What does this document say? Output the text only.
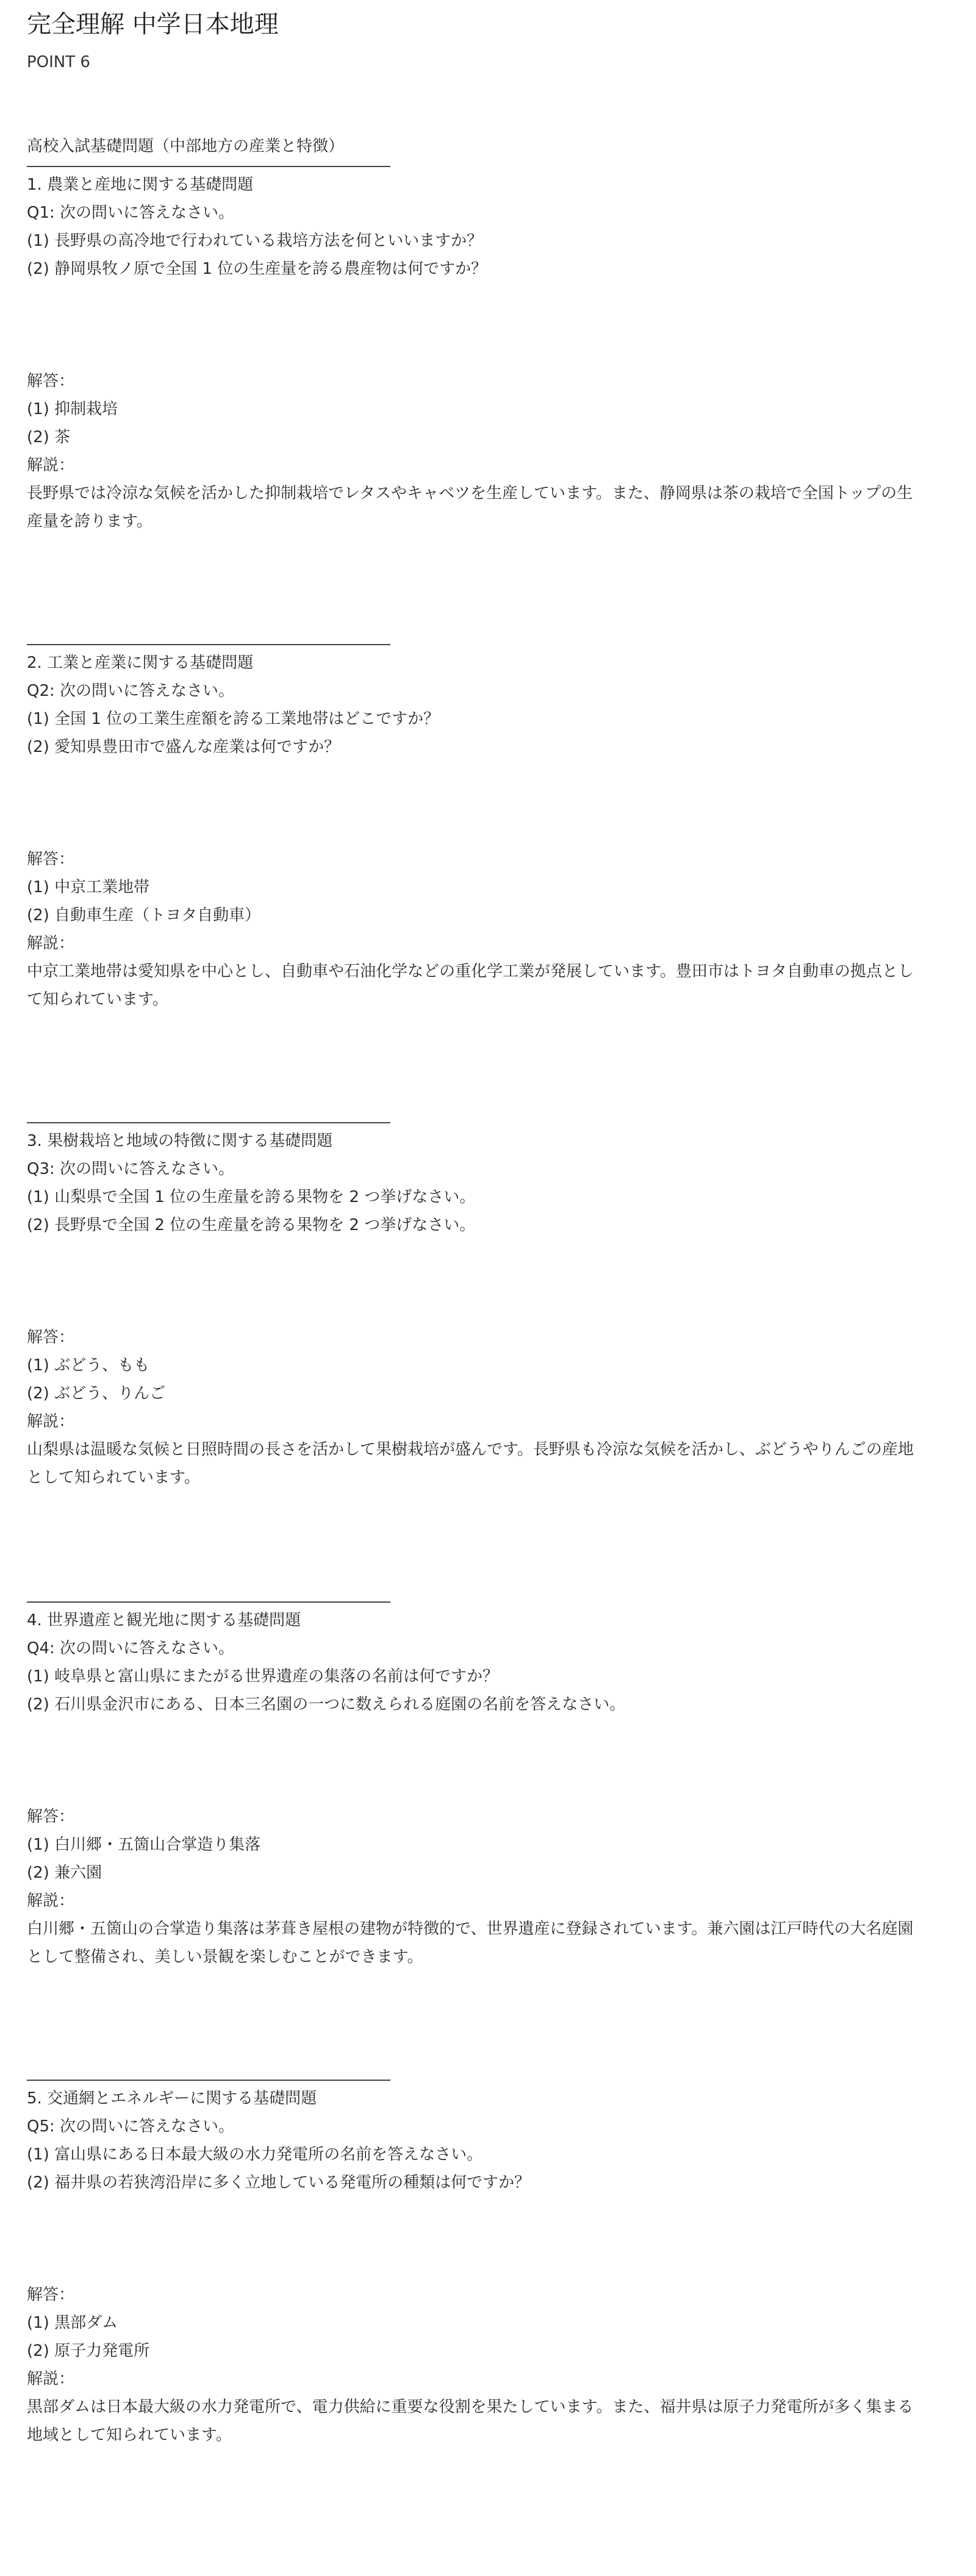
完全理解 中学日本地理
POINT 6
高校入試基礎問題（中部地方の産業と特徴）
1. 農業と産地に関する基礎問題
Q1: 次の問いに答えなさい。
(1) 長野県の高冷地で行われている栽培方法を何といいますか？
(2) 静岡県牧ノ原で全国 1 位の生産量を誇る農産物は何ですか？
解答：
(1) 抑制栽培
(2) 茶
解説：
長野県では冷涼な気候を活かした抑制栽培でレタスやキャベツを生産しています。また、静岡県は茶の栽培で全国トップの生産量を誇ります。
2. 工業と産業に関する基礎問題
Q2: 次の問いに答えなさい。
(1) 全国 1 位の工業生産額を誇る工業地帯はどこですか？
(2) 愛知県豊田市で盛んな産業は何ですか？
解答：
(1) 中京工業地帯
(2) 自動車生産（トヨタ自動車）
解説：
中京工業地帯は愛知県を中心とし、自動車や石油化学などの重化学工業が発展しています。豊田市はトヨタ自動車の拠点として知られています。
3. 果樹栽培と地域の特徴に関する基礎問題
Q3: 次の問いに答えなさい。
(1) 山梨県で全国 1 位の生産量を誇る果物を 2 つ挙げなさい。
(2) 長野県で全国 2 位の生産量を誇る果物を 2 つ挙げなさい。
解答：
(1) ぶどう、もも
(2) ぶどう、りんご
解説：
山梨県は温暖な気候と日照時間の長さを活かして果樹栽培が盛んです。長野県も冷涼な気候を活かし、ぶどうやりんごの産地として知られています。
4. 世界遺産と観光地に関する基礎問題
Q4: 次の問いに答えなさい。
(1) 岐阜県と富山県にまたがる世界遺産の集落の名前は何ですか？
(2) 石川県金沢市にある、日本三名園の一つに数えられる庭園の名前を答えなさい。
解答：
(1) 白川郷・五箇山合掌造り集落
(2) 兼六園
解説：
白川郷・五箇山の合掌造り集落は茅葺き屋根の建物が特徴的で、世界遺産に登録されています。兼六園は江戸時代の大名庭園として整備され、美しい景観を楽しむことができます。
5. 交通網とエネルギーに関する基礎問題
Q5: 次の問いに答えなさい。
(1) 富山県にある日本最大級の水力発電所の名前を答えなさい。
(2) 福井県の若狭湾沿岸に多く立地している発電所の種類は何ですか？
解答：
(1) 黒部ダム
(2) 原子力発電所
解説：
黒部ダムは日本最大級の水力発電所で、電力供給に重要な役割を果たしています。また、福井県は原子力発電所が多く集まる地域として知られています。
